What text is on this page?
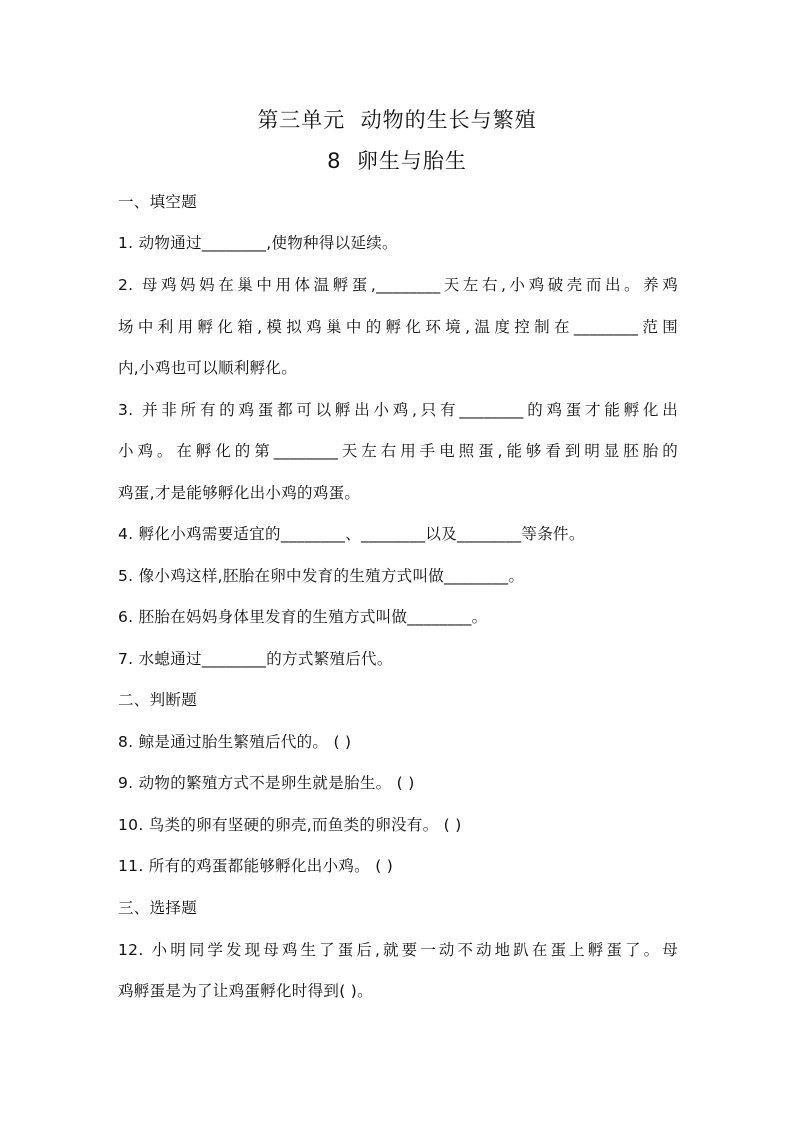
第三单元  动物的生长与繁殖
8  卵生与胎生
一、填空题
1. 动物通过________,使物种得以延续。
2. 母鸡妈妈在巢中用体温孵蛋,________天左右,小鸡破壳而出。养鸡
场中利用孵化箱,模拟鸡巢中的孵化环境,温度控制在________范围
内,小鸡也可以顺利孵化。
3. 并非所有的鸡蛋都可以孵出小鸡,只有________的鸡蛋才能孵化出
小鸡。在孵化的第________天左右用手电照蛋,能够看到明显胚胎的
鸡蛋,才是能够孵化出小鸡的鸡蛋。
4. 孵化小鸡需要适宜的________、________以及________等条件。
5. 像小鸡这样,胚胎在卵中发育的生殖方式叫做________。
6. 胚胎在妈妈身体里发育的生殖方式叫做________。
7. 水螅通过________的方式繁殖后代。
二、判断题
8. 鲸是通过胎生繁殖后代的。 ( )
9. 动物的繁殖方式不是卵生就是胎生。 ( )
10. 鸟类的卵有坚硬的卵壳,而鱼类的卵没有。 ( )
11. 所有的鸡蛋都能够孵化出小鸡。 ( )
三、选择题
12. 小明同学发现母鸡生了蛋后,就要一动不动地趴在蛋上孵蛋了。母
鸡孵蛋是为了让鸡蛋孵化时得到( )。
